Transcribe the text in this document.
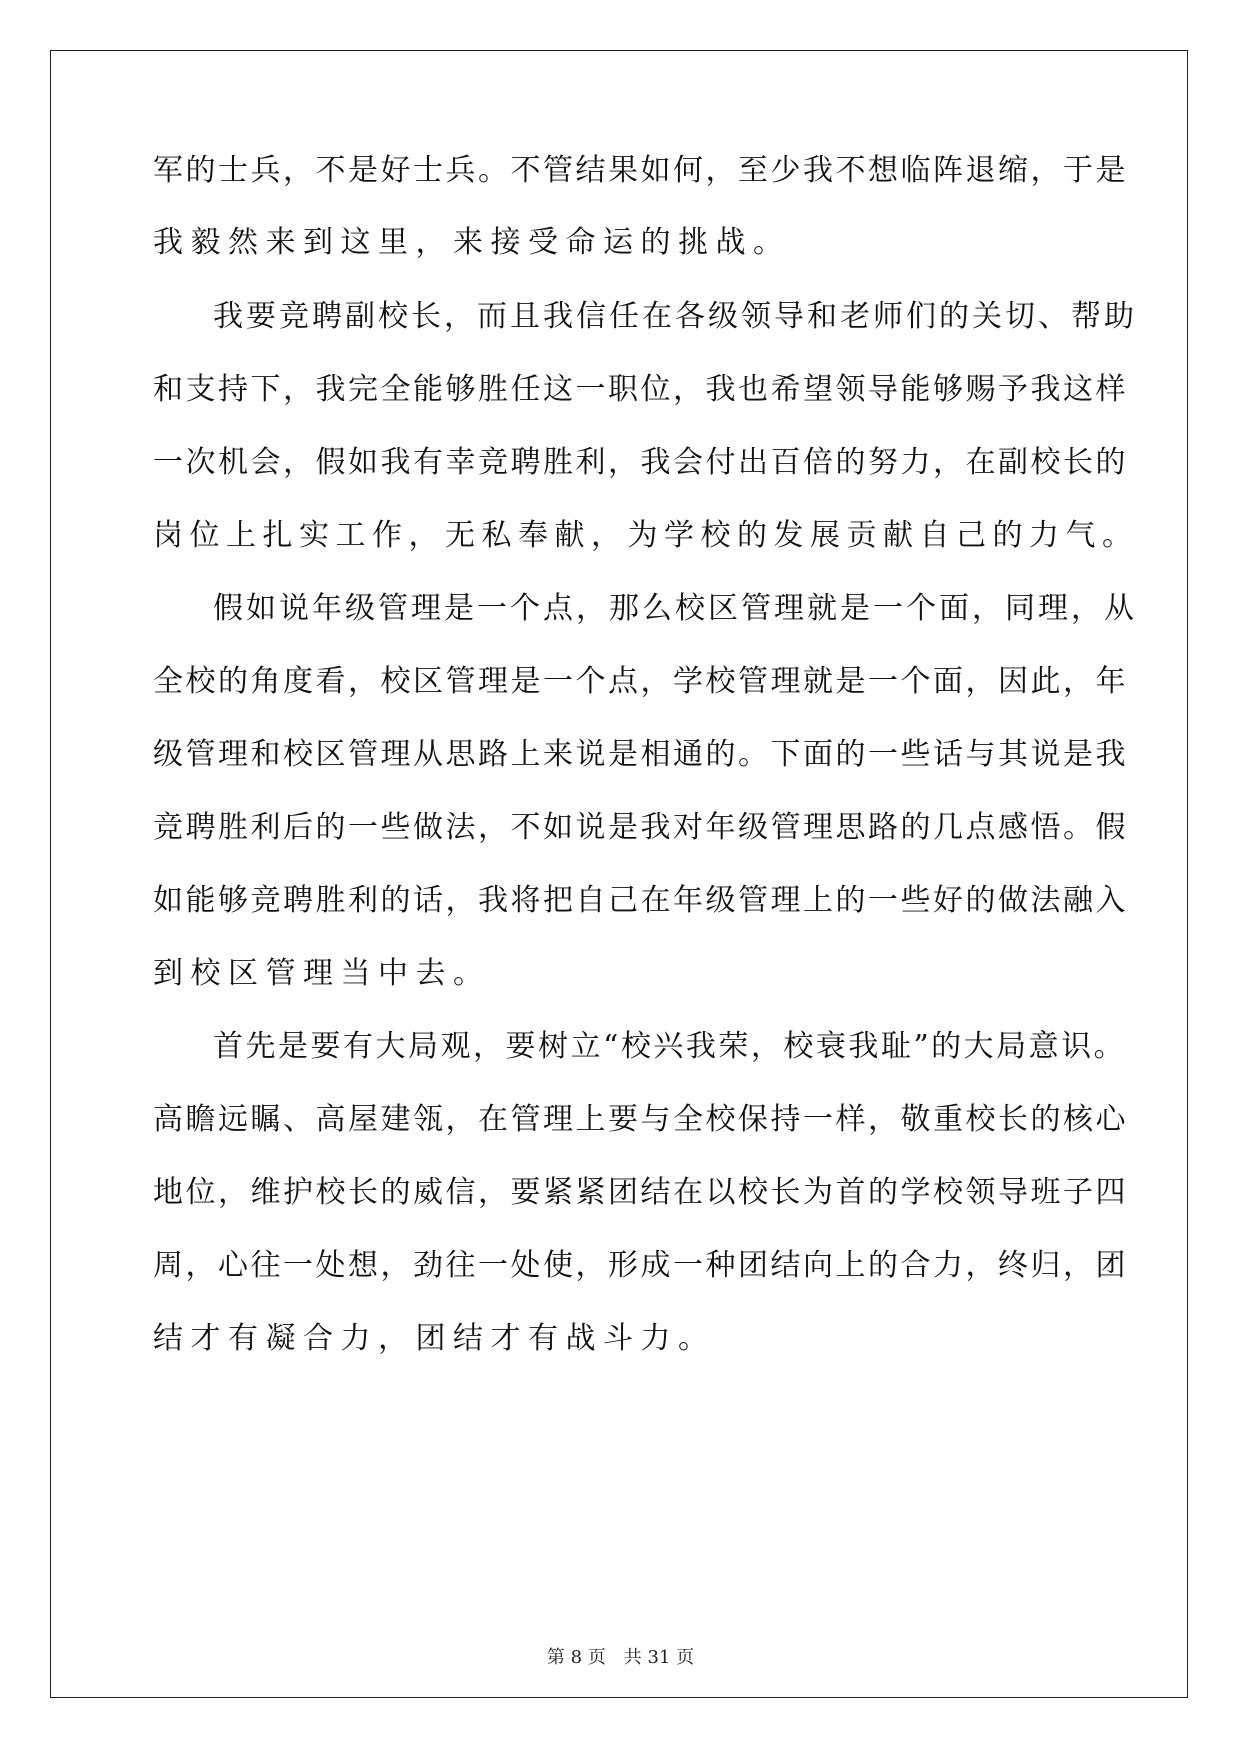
军的士兵，不是好士兵。不管结果如何，至少我不想临阵退缩，于是
我毅然来到这里，来接受命运的挑战。
我要竞聘副校长，而且我信任在各级领导和老师们的关切、帮助
和支持下，我完全能够胜任这一职位，我也希望领导能够赐予我这样
一次机会，假如我有幸竞聘胜利，我会付出百倍的努力，在副校长的
岗位上扎实工作，无私奉献，为学校的发展贡献自己的力气。
假如说年级管理是一个点，那么校区管理就是一个面，同理，从
全校的角度看，校区管理是一个点，学校管理就是一个面，因此，年
级管理和校区管理从思路上来说是相通的。下面的一些话与其说是我
竞聘胜利后的一些做法，不如说是我对年级管理思路的几点感悟。假
如能够竞聘胜利的话，我将把自己在年级管理上的一些好的做法融入
到校区管理当中去。
首先是要有大局观，要树立“校兴我荣，校衰我耻”的大局意识。
高瞻远瞩、高屋建瓴，在管理上要与全校保持一样，敬重校长的核心
地位，维护校长的威信，要紧紧团结在以校长为首的学校领导班子四
周，心往一处想，劲往一处使，形成一种团结向上的合力，终归，团
结才有凝合力，团结才有战斗力。
第 8 页 共 31 页
